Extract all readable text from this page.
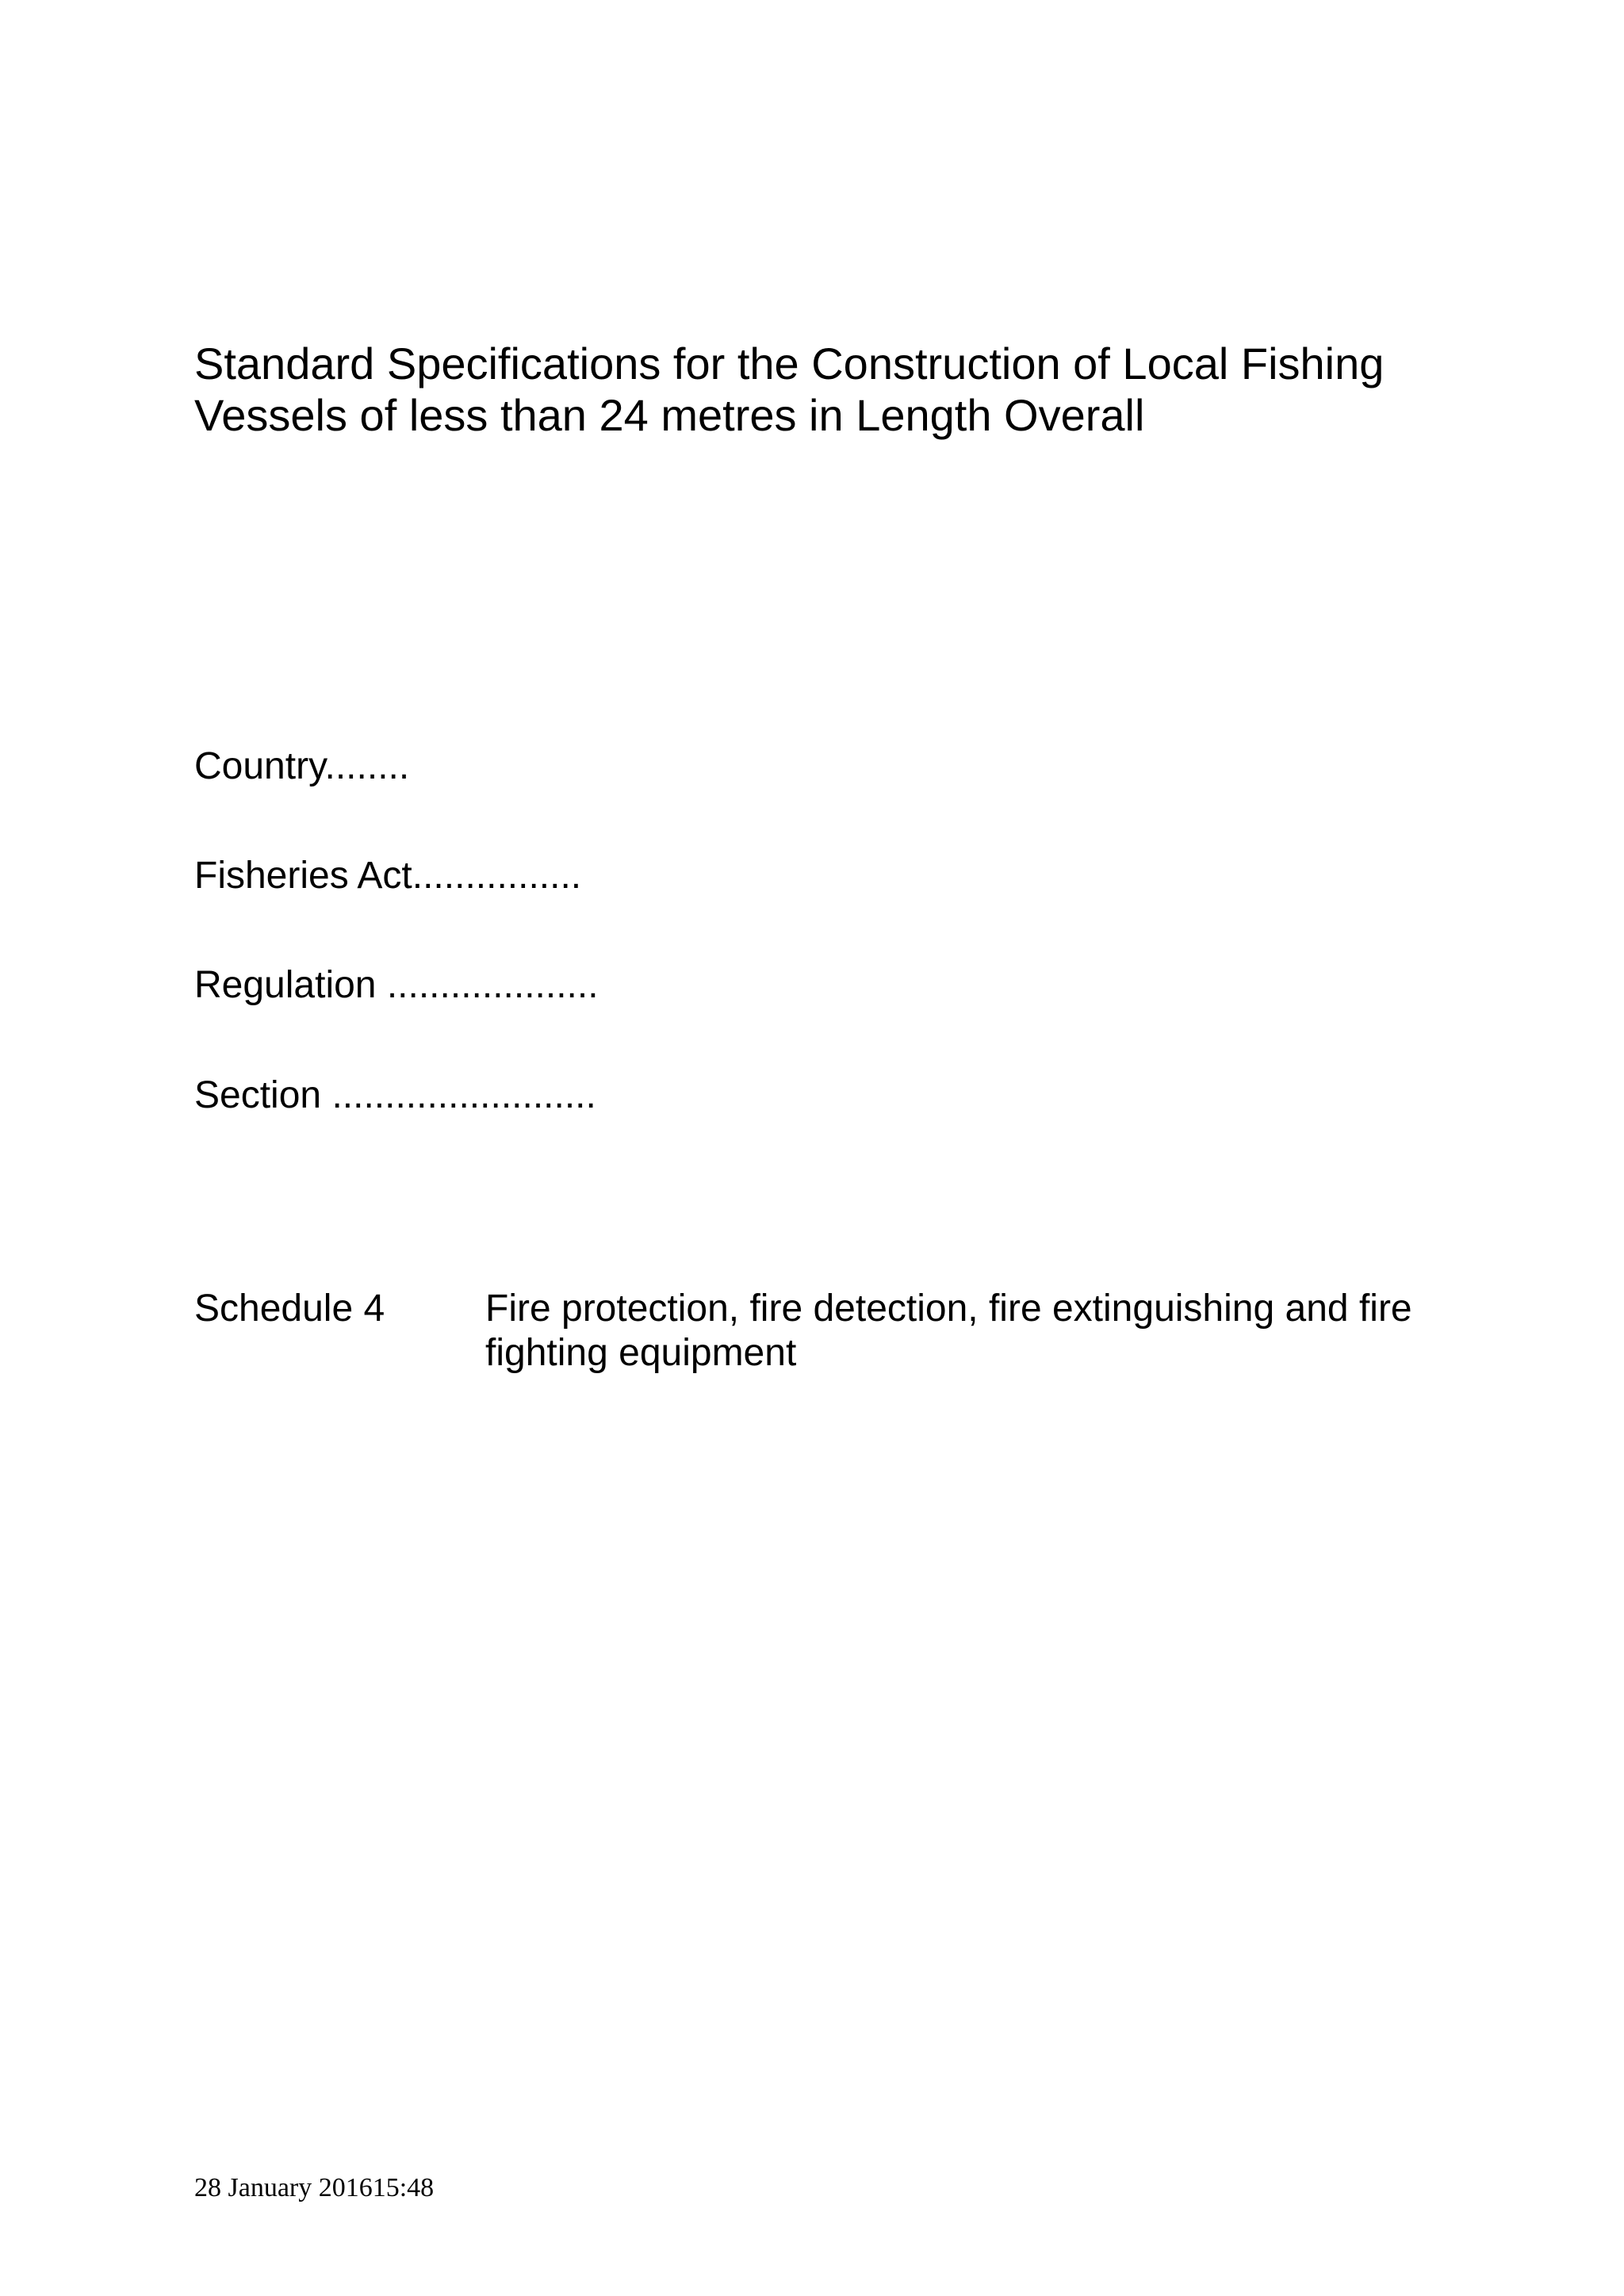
Standard Specifications for the Construction of Local Fishing
Vessels of less than 24 metres in Length Overall
Country........
Fisheries Act................
Regulation ....................
Section .........................
Schedule 4	Fire protection, fire detection, fire extinguishing and fire
fighting equipment
28 January 201615:48
